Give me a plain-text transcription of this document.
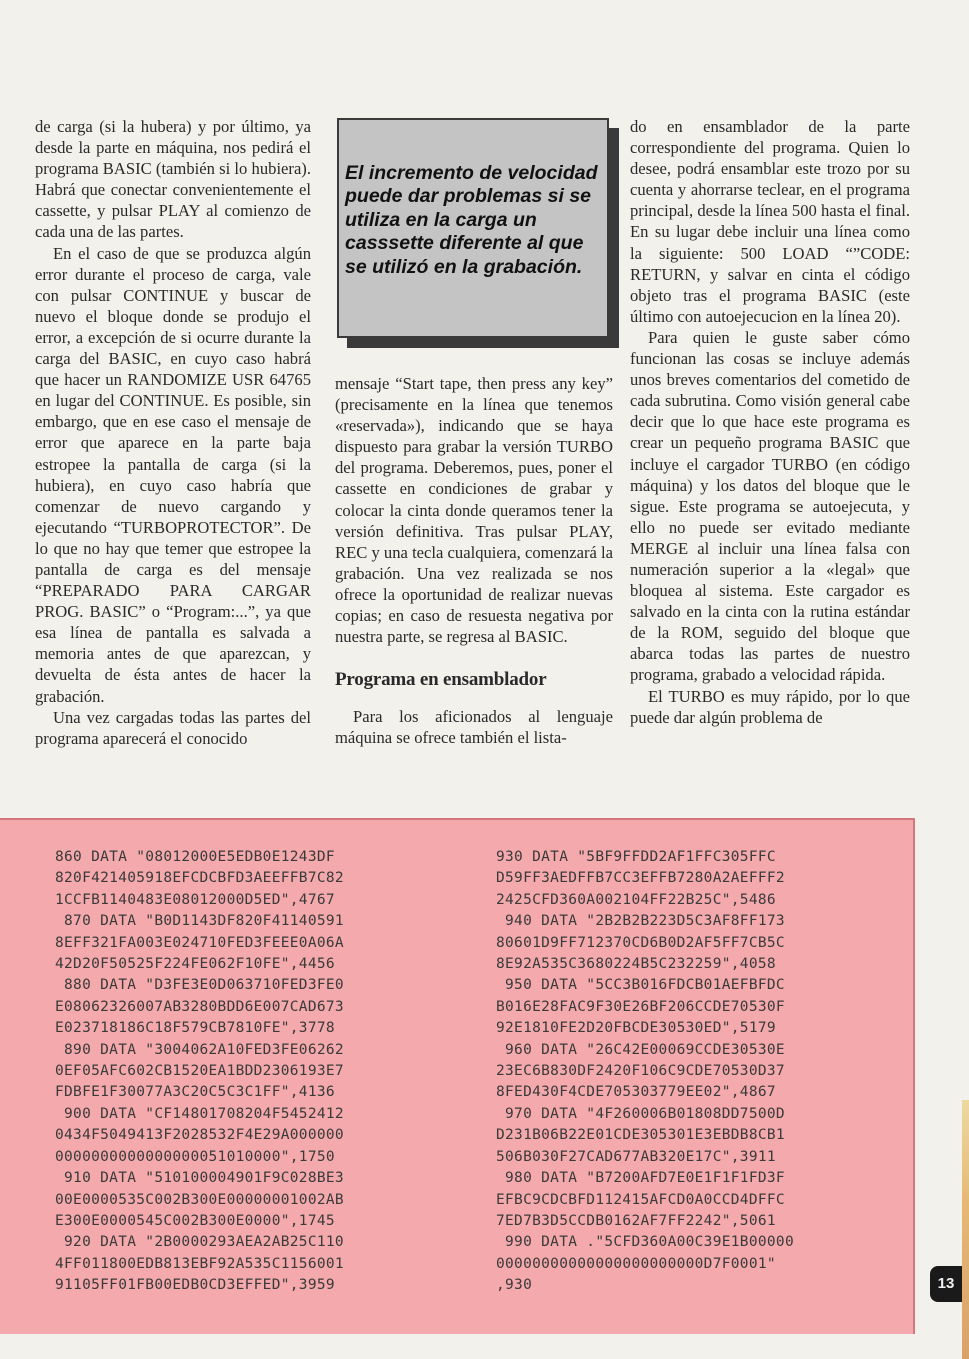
de carga (si la hubera) y por último, ya desde la parte en máquina, nos pedirá el programa BASIC (también si lo hubiera). Habrá que conectar convenientemente el cassette, y pulsar PLAY al comienzo de cada una de las partes.

En el caso de que se produzca algún error durante el proceso de carga, vale con pulsar CONTINUE y buscar de nuevo el bloque donde se produjo el error, a excepción de si ocurre durante la carga del BASIC, en cuyo caso habrá que hacer un RANDOMIZE USR 64765 en lugar del CONTINUE. Es posible, sin embargo, que en ese caso el mensaje de error que aparece en la parte baja estropee la pantalla de carga (si la hubiera), en cuyo caso habría que comenzar de nuevo cargando y ejecutando “TURBOPROTECTOR”. De lo que no hay que temer que estropee la pantalla de carga es del mensaje “PREPARADO PARA CARGAR PROG. BASIC” o “Program:...”, ya que esa línea de pantalla es salvada a memoria antes de que aparezcan, y devuelta de ésta antes de hacer la grabación.

Una vez cargadas todas las partes del programa aparecerá el conocido

El incremento de velocidad puede dar problemas si se utiliza en la carga un casssette diferente al que se utilizó en la grabación.

mensaje “Start tape, then press any key” (precisamente en la línea que tenemos «reservada»), indicando que se haya dispuesto para grabar la versión TURBO del programa. Deberemos, pues, poner el cassette en condiciones de grabar y colocar la cinta donde queramos tener la versión definitiva. Tras pulsar PLAY, REC y una tecla cualquiera, comenzará la grabación. Una vez realizada se nos ofrece la oportunidad de realizar nuevas copias; en caso de resuesta negativa por nuestra parte, se regresa al BASIC.

Programa en ensamblador

Para los aficionados al lenguaje máquina se ofrece también el lista-

do en ensamblador de la parte correspondiente del programa. Quien lo desee, podrá ensamblar este trozo por su cuenta y ahorrarse teclear, en el programa principal, desde la línea 500 hasta el final. En su lugar debe incluir una línea como la siguiente: 500 LOAD “”CODE: RETURN, y salvar en cinta el código objeto tras el programa BASIC (este último con autoejecucion en la línea 20).

Para quien le guste saber cómo funcionan las cosas se incluye además unos breves comentarios del cometido de cada subrutina. Como visión general cabe decir que lo que hace este programa es crear un pequeño programa BASIC que incluye el cargador TURBO (en código máquina) y los datos del bloque que le sigue. Este programa se autoejecuta, y ello no puede ser evitado mediante MERGE al incluir una línea falsa con numeración superior a la «legal» que bloquea al sistema. Este cargador es salvado en la cinta con la rutina estándar de la ROM, seguido del bloque que abarca todas las partes de nuestro programa, grabado a velocidad rápida.

El TURBO es muy rápido, por lo que puede dar algún problema de

860 DATA "08012000E5EDB0E1243DF
820F421405918EFCDCBFD3AEEFFB7C82
1CCFB1140483E08012000D5ED",4767
870 DATA "B0D1143DF820F41140591
8EFF321FA003E024710FED3FEEE0A06A
42D20F50525F224FE062F10FE",4456
880 DATA "D3FE3E0D063710FED3FE0
E08062326007AB3280BDD6E007CAD673
E023718186C18F579CB7810FE",3778
890 DATA "3004062A10FED3FE06262
0EF05AFC602CB1520EA1BDD2306193E7
FDBFE1F30077A3C20C5C3C1FF",4136
900 DATA "CF14801708204F5452412
0434F5049413F2028532F4E29A000000
0000000000000000051010000",1750
910 DATA "510100004901F9C028BE3
00E0000535C002B300E00000001002AB
E300E0000545C002B300E0000",1745
920 DATA "2B0000293AEA2AB25C110
4FF011800EDB813EBF92A535C1156001
91105FF01FB00EDB0CD3EFFED",3959
930 DATA "5BF9FFDD2AF1FFC305FFC
D59FF3AEDFFB7CC3EFFB7280A2AEFFF2
2425CFD360A002104FF22B25C",5486
940 DATA "2B2B2B223D5C3AF8FF173
80601D9FF712370CD6B0D2AF5FF7CB5C
8E92A535C3680224B5C232259",4058
950 DATA "5CC3B016FDCB01AEFBFDC
B016E28FAC9F30E26BF206CCDE70530F
92E1810FE2D20FBCDE30530ED",5179
960 DATA "26C42E00069CCDE30530E
23EC6B830DF2420F106C9CDE70530D37
8FED430F4CDE705303779EE02",4867
970 DATA "4F260006B01808DD7500D
D231B06B22E01CDE305301E3EBDB8CB1
506B030F27CAD677AB320E17C",3911
980 DATA "B7200AFD7E0E1F1F1FD3F
EFBC9CDCBFD112415AFCD0A0CCD4DFFC
7ED7B3D5CCDB0162AF7FF2242",5061
990 DATA ."5CFD360A00C39E1B00000
00000000000000000000000D7F0001"
,930	13
